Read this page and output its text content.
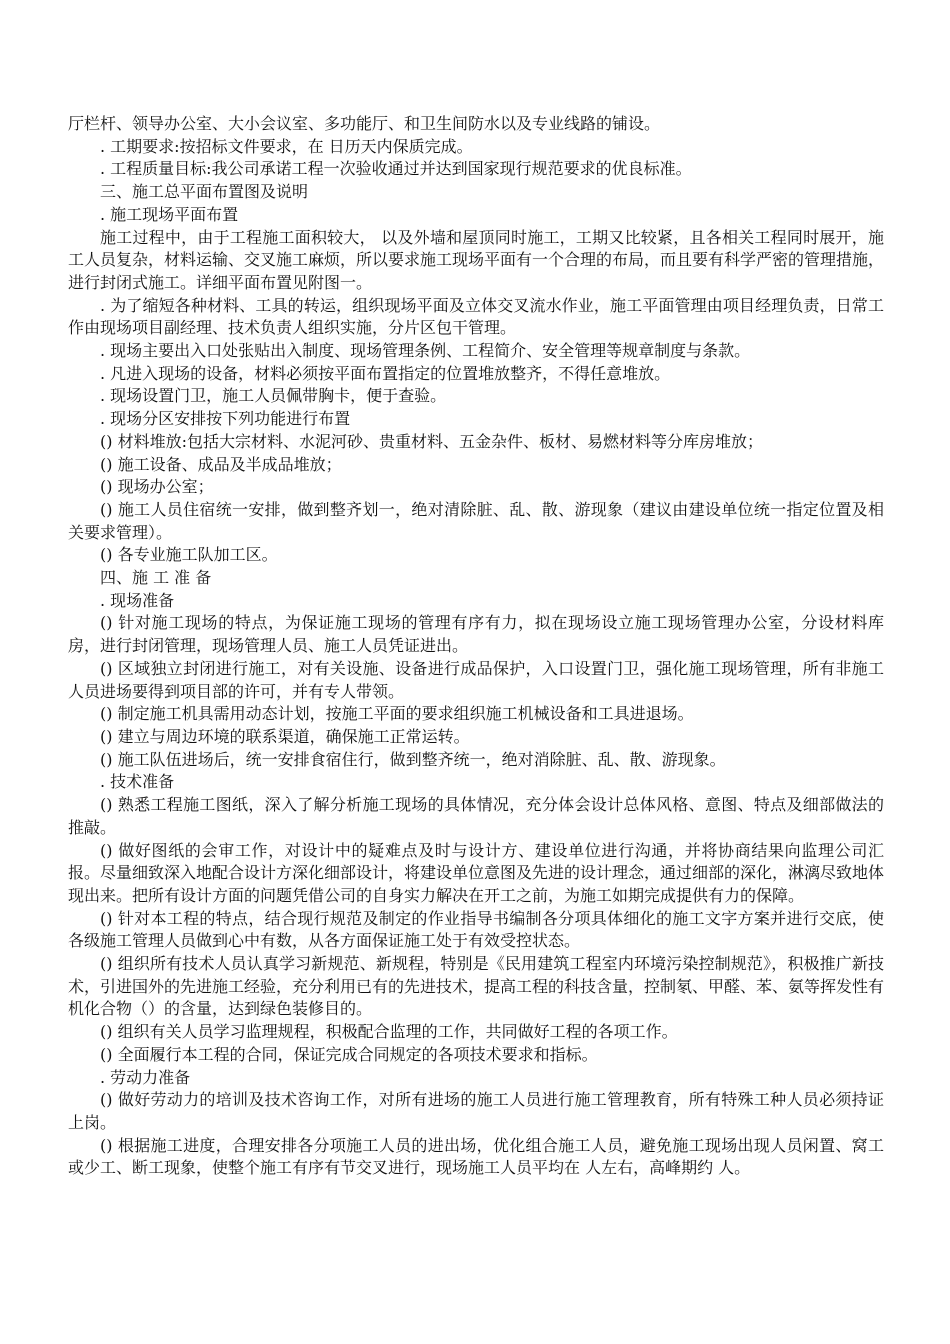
厅栏杆、领导办公室、大小会议室、多功能厅、和卫生间防水以及专业线路的铺设。

. 工期要求:按招标文件要求，在 日历天内保质完成。

. 工程质量目标:我公司承诺工程一次验收通过并达到国家现行规范要求的优良标准。

三、施工总平面布置图及说明

. 施工现场平面布置

施工过程中，由于工程施工面积较大， 以及外墙和屋顶同时施工，工期又比较紧，且各相关工程同时展开，施工人员复杂，材料运输、交叉施工麻烦，所以要求施工现场平面有一个合理的布局，而且要有科学严密的管理措施，进行封闭式施工。详细平面布置见附图一。

. 为了缩短各种材料、工具的转运，组织现场平面及立体交叉流水作业，施工平面管理由项目经理负责，日常工作由现场项目副经理、技术负责人组织实施，分片区包干管理。

. 现场主要出入口处张贴出入制度、现场管理条例、工程简介、安全管理等规章制度与条款。

. 凡进入现场的设备，材料必须按平面布置指定的位置堆放整齐，不得任意堆放。

. 现场设置门卫，施工人员佩带胸卡，便于查验。

. 现场分区安排按下列功能进行布置

() 材料堆放:包括大宗材料、水泥河砂、贵重材料、五金杂件、板材、易燃材料等分库房堆放；

() 施工设备、成品及半成品堆放；

() 现场办公室；

() 施工人员住宿统一安排，做到整齐划一，绝对清除脏、乱、散、游现象（建议由建设单位统一指定位置及相关要求管理）。

() 各专业施工队加工区。

四、施 工 准 备

. 现场准备

() 针对施工现场的特点，为保证施工现场的管理有序有力，拟在现场设立施工现场管理办公室，分设材料库房，进行封闭管理，现场管理人员、施工人员凭证进出。

() 区域独立封闭进行施工，对有关设施、设备进行成品保护，入口设置门卫，强化施工现场管理，所有非施工人员进场要得到项目部的许可，并有专人带领。

() 制定施工机具需用动态计划，按施工平面的要求组织施工机械设备和工具进退场。

() 建立与周边环境的联系渠道，确保施工正常运转。

() 施工队伍进场后，统一安排食宿住行，做到整齐统一，绝对消除脏、乱、散、游现象。

. 技术准备

() 熟悉工程施工图纸，深入了解分析施工现场的具体情况，充分体会设计总体风格、意图、特点及细部做法的推敲。

() 做好图纸的会审工作，对设计中的疑难点及时与设计方、建设单位进行沟通，并将协商结果向监理公司汇报。尽量细致深入地配合设计方深化细部设计，将建设单位意图及先进的设计理念，通过细部的深化，淋漓尽致地体现出来。把所有设计方面的问题凭借公司的自身实力解决在开工之前，为施工如期完成提供有力的保障。

() 针对本工程的特点，结合现行规范及制定的作业指导书编制各分项具体细化的施工文字方案并进行交底，使各级施工管理人员做到心中有数，从各方面保证施工处于有效受控状态。

() 组织所有技术人员认真学习新规范、新规程，特别是《民用建筑工程室内环境污染控制规范》，积极推广新技术，引进国外的先进施工经验，充分利用已有的先进技术，提高工程的科技含量，控制氡、甲醛、苯、氨等挥发性有机化合物（）的含量，达到绿色装修目的。

() 组织有关人员学习监理规程，积极配合监理的工作，共同做好工程的各项工作。

() 全面履行本工程的合同，保证完成合同规定的各项技术要求和指标。

. 劳动力准备

() 做好劳动力的培训及技术咨询工作，对所有进场的施工人员进行施工管理教育，所有特殊工种人员必须持证上岗。

() 根据施工进度，合理安排各分项施工人员的进出场，优化组合施工人员，避免施工现场出现人员闲置、窝工或少工、断工现象，使整个施工有序有节交叉进行，现场施工人员平均在 人左右，高峰期约 人。
